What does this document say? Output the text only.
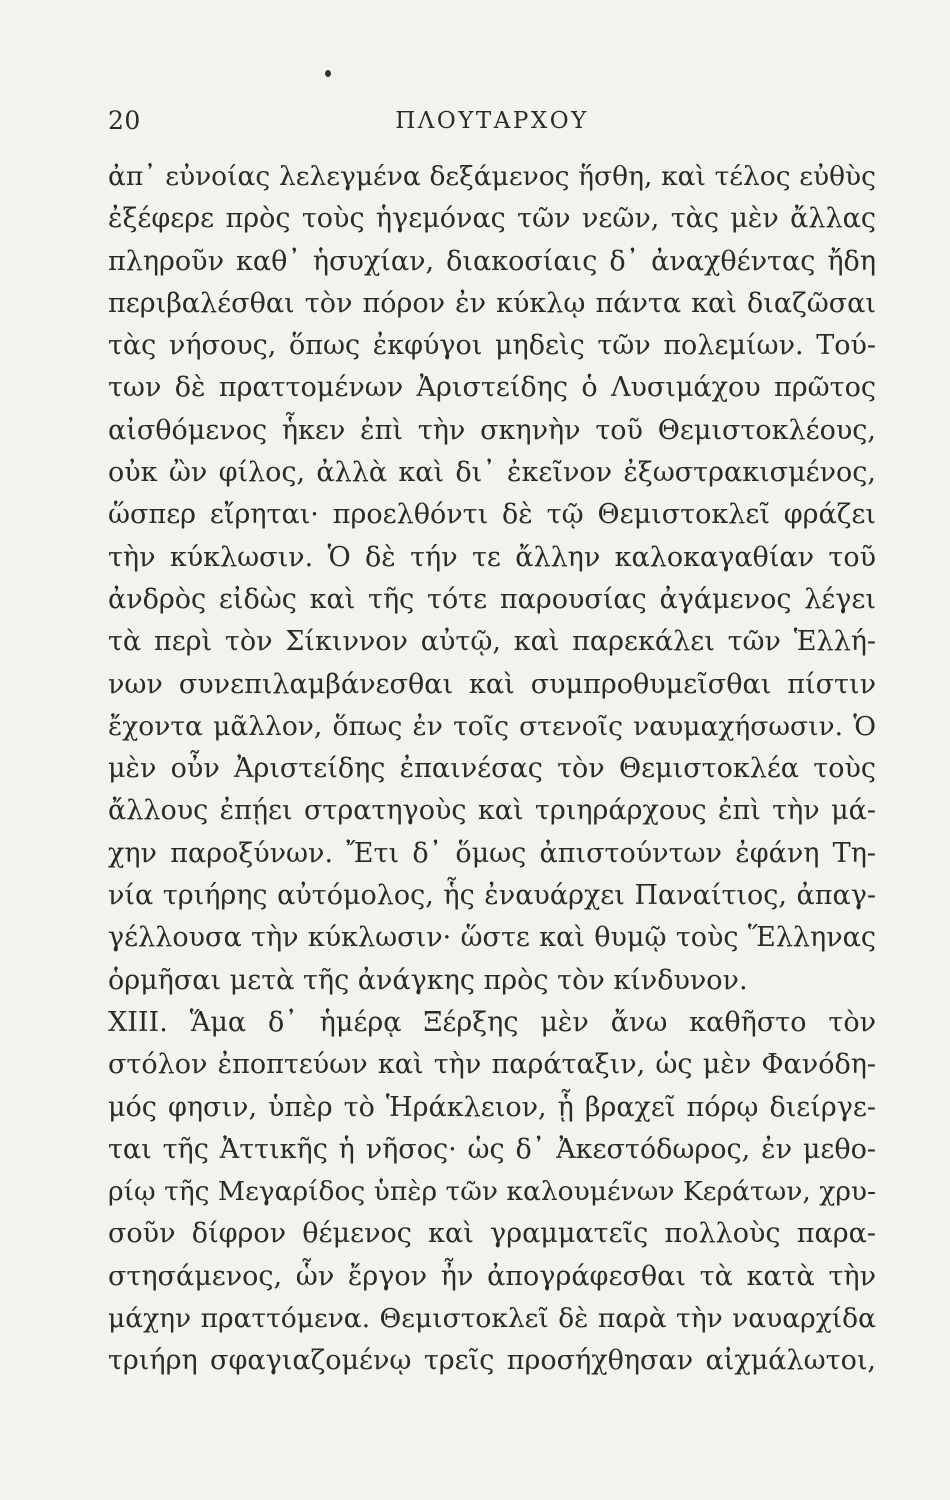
20	ΠΛΟΥΤΑΡΧΟΥ
ἀπ᾽ εὐνοίας λελεγμένα δεξάμενος ἥσθη, καὶ τέλος εὐθὺς
ἐξέφερε πρὸς τοὺς ἡγεμόνας τῶν νεῶν, τὰς μὲν ἄλλας
πληροῦν καθ᾽ ἡσυχίαν, διακοσίαις δ᾽ ἀναχθέντας ἤδη
περιβαλέσθαι τὸν πόρον ἐν κύκλῳ πάντα καὶ διαζῶσαι
τὰς νήσους, ὅπως ἐκφύγοι μηδεὶς τῶν πολεμίων. Τού-
των δὲ πραττομένων Ἀριστείδης ὁ Λυσιμάχου πρῶτος
αἰσθόμενος ἧκεν ἐπὶ τὴν σκηνὴν τοῦ Θεμιστοκλέους,
οὐκ ὢν φίλος, ἀλλὰ καὶ δι᾽ ἐκεῖνον ἐξωστρακισμένος,
ὥσπερ εἴρηται· προελθόντι δὲ τῷ Θεμιστοκλεῖ φράζει
τὴν κύκλωσιν. Ὁ δὲ τήν τε ἄλλην καλοκαγαθίαν τοῦ
ἀνδρὸς εἰδὼς καὶ τῆς τότε παρουσίας ἀγάμενος λέγει
τὰ περὶ τὸν Σίκιννον αὐτῷ, καὶ παρεκάλει τῶν Ἑλλή-
νων συνεπιλαμβάνεσθαι καὶ συμπροθυμεῖσθαι πίστιν
ἔχοντα μᾶλλον, ὅπως ἐν τοῖς στενοῖς ναυμαχήσωσιν. Ὁ
μὲν οὖν Ἀριστείδης ἐπαινέσας τὸν Θεμιστοκλέα τοὺς
ἄλλους ἐπῄει στρατηγοὺς καὶ τριηράρχους ἐπὶ τὴν μά-
χην παροξύνων. Ἔτι δ᾽ ὅμως ἀπιστούντων ἐφάνη Τη-
νία τριήρης αὐτόμολος, ἧς ἐναυάρχει Παναίτιος, ἀπαγ-
γέλλουσα τὴν κύκλωσιν· ὥστε καὶ θυμῷ τοὺς Ἕλληνας
ὁρμῆσαι μετὰ τῆς ἀνάγκης πρὸς τὸν κίνδυνον.
XIII. Ἅμα δ᾽ ἡμέρᾳ Ξέρξης μὲν ἄνω καθῆστο τὸν
στόλον ἐποπτεύων καὶ τὴν παράταξιν, ὡς μὲν Φανόδη-
μός φησιν, ὑπὲρ τὸ Ἡράκλειον, ᾗ βραχεῖ πόρῳ διείργε-
ται τῆς Ἀττικῆς ἡ νῆσος· ὡς δ᾽ Ἀκεστόδωρος, ἐν μεθο-
ρίῳ τῆς Μεγαρίδος ὑπὲρ τῶν καλουμένων Κεράτων, χρυ-
σοῦν δίφρον θέμενος καὶ γραμματεῖς πολλοὺς παρα-
στησάμενος, ὧν ἔργον ἦν ἀπογράφεσθαι τὰ κατὰ τὴν
μάχην πραττόμενα. Θεμιστοκλεῖ δὲ παρὰ τὴν ναυαρχίδα
τριήρη σφαγιαζομένῳ τρεῖς προσήχθησαν αἰχμάλωτοι,
